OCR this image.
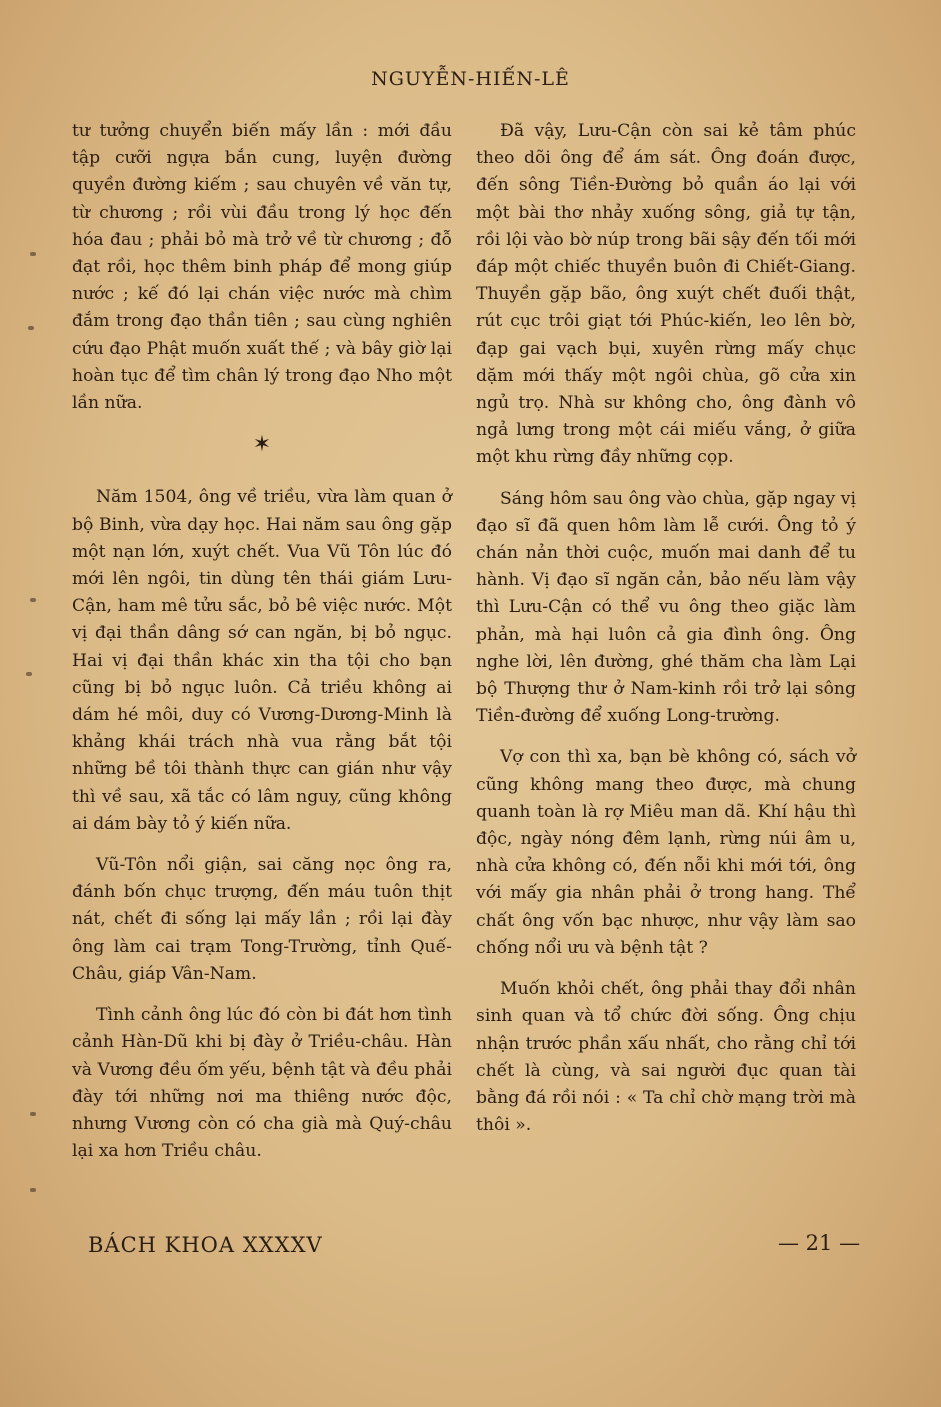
NGUYỄN-HIẾN-LÊ

tư tưởng chuyển biến mấy lần : mới đầu tập cưỡi ngựa bắn cung, luyện đường quyền đường kiếm ; sau chuyên về văn tự, từ chương ; rồi vùi đầu trong lý học đến hóa đau ; phải bỏ mà trở về từ chương ; đỗ đạt rồi, học thêm binh pháp để mong giúp nước ; kế đó lại chán việc nước mà chìm đắm trong đạo thần tiên ; sau cùng nghiên cứu đạo Phật muốn xuất thế ; và bây giờ lại hoàn tục để tìm chân lý trong đạo Nho một lần nữa.

✶

Năm 1504, ông về triều, vừa làm quan ở bộ Binh, vừa dạy học. Hai năm sau ông gặp một nạn lớn, xuýt chết. Vua Vũ Tôn lúc đó mới lên ngôi, tin dùng tên thái giám Lưu-Cận, ham mê tửu sắc, bỏ bê việc nước. Một vị đại thần dâng sớ can ngăn, bị bỏ ngục. Hai vị đại thần khác xin tha tội cho bạn cũng bị bỏ ngục luôn. Cả triều không ai dám hé môi, duy có Vương-Dương-Minh là khảng khái trách nhà vua rằng bắt tội những bề tôi thành thực can gián như vậy thì về sau, xã tắc có lâm nguy, cũng không ai dám bày tỏ ý kiến nữa.

Vũ-Tôn nổi giận, sai căng nọc ông ra, đánh bốn chục trượng, đến máu tuôn thịt nát, chết đi sống lại mấy lần ; rồi lại đày ông làm cai trạm Tong-Trường, tỉnh Quế-Châu, giáp Vân-Nam.

Tình cảnh ông lúc đó còn bi đát hơn tình cảnh Hàn-Dũ khi bị đày ở Triều-châu. Hàn và Vương đều ốm yếu, bệnh tật và đều phải đày tới những nơi ma thiêng nước độc, nhưng Vương còn có cha già mà Quý-châu lại xa hơn Triều châu.

Đã vậy, Lưu-Cận còn sai kẻ tâm phúc theo dõi ông để ám sát. Ông đoán được, đến sông Tiền-Đường bỏ quần áo lại với một bài thơ nhảy xuống sông, giả tự tận, rồi lội vào bờ núp trong bãi sậy đến tối mới đáp một chiếc thuyền buôn đi Chiết-Giang. Thuyền gặp bão, ông xuýt chết đuối thật, rút cục trôi giạt tới Phúc-kiến, leo lên bờ, đạp gai vạch bụi, xuyên rừng mấy chục dặm mới thấy một ngôi chùa, gõ cửa xin ngủ trọ. Nhà sư không cho, ông đành vô ngả lưng trong một cái miếu vắng, ở giữa một khu rừng đầy những cọp.

Sáng hôm sau ông vào chùa, gặp ngay vị đạo sĩ đã quen hôm làm lễ cưới. Ông tỏ ý chán nản thời cuộc, muốn mai danh để tu hành. Vị đạo sĩ ngăn cản, bảo nếu làm vậy thì Lưu-Cận có thể vu ông theo giặc làm phản, mà hại luôn cả gia đình ông. Ông nghe lời, lên đường, ghé thăm cha làm Lại bộ Thượng thư ở Nam-kinh rồi trở lại sông Tiền-đường để xuống Long-trường.

Vợ con thì xa, bạn bè không có, sách vở cũng không mang theo được, mà chung quanh toàn là rợ Miêu man dã. Khí hậu thì độc, ngày nóng đêm lạnh, rừng núi âm u, nhà cửa không có, đến nỗi khi mới tới, ông với mấy gia nhân phải ở trong hang. Thể chất ông vốn bạc nhược, như vậy làm sao chống nổi ưu và bệnh tật ?

Muốn khỏi chết, ông phải thay đổi nhân sinh quan và tổ chức đời sống. Ông chịu nhận trước phần xấu nhất, cho rằng chỉ tới chết là cùng, và sai người đục quan tài bằng đá rồi nói : « Ta chỉ chờ mạng trời mà thôi ».

BÁCH KHOA XXXXV	— 21 —
